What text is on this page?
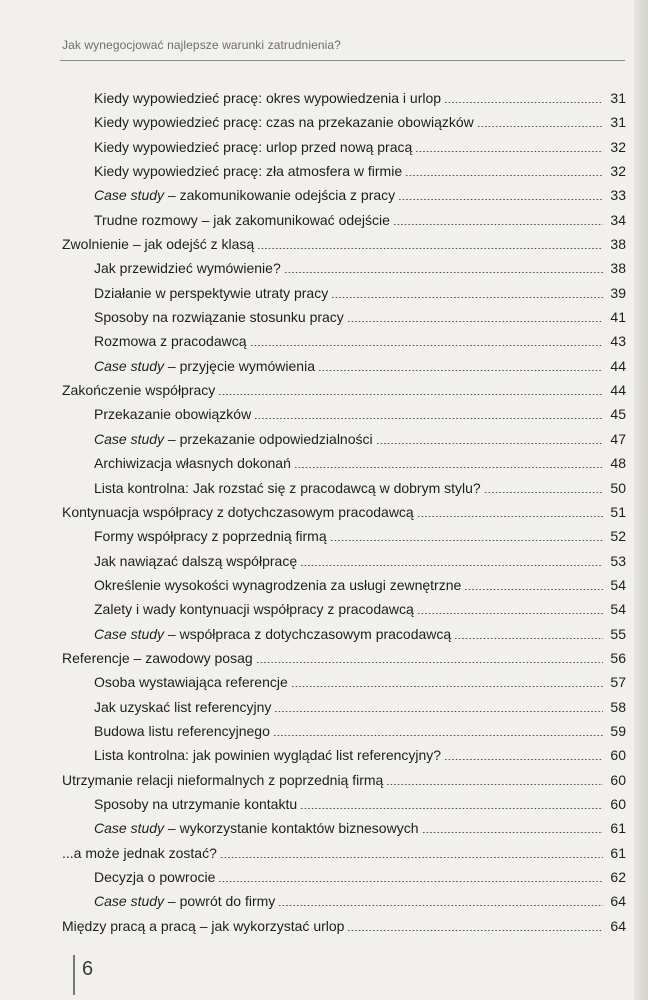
Jak wynegocjować najlepsze warunki zatrudnienia?
Kiedy wypowiedzieć pracę: okres wypowiedzenia i urlop	31
Kiedy wypowiedzieć pracę: czas na przekazanie obowiązków	31
Kiedy wypowiedzieć pracę: urlop przed nową pracą	32
Kiedy wypowiedzieć pracę: zła atmosfera w firmie	32
Case study – zakomunikowanie odejścia z pracy	33
Trudne rozmowy – jak zakomunikować odejście	34
Zwolnienie – jak odejść z klasą	38
Jak przewidzieć wymówienie?	38
Działanie w perspektywie utraty pracy	39
Sposoby na rozwiązanie stosunku pracy	41
Rozmowa z pracodawcą	43
Case study – przyjęcie wymówienia	44
Zakończenie współpracy	44
Przekazanie obowiązków	45
Case study – przekazanie odpowiedzialności	47
Archiwizacja własnych dokonań	48
Lista kontrolna: Jak rozstać się z pracodawcą w dobrym stylu?	50
Kontynuacja współpracy z dotychczasowym pracodawcą	51
Formy współpracy z poprzednią firmą	52
Jak nawiązać dalszą współpracę	53
Określenie wysokości wynagrodzenia za usługi zewnętrzne	54
Zalety i wady kontynuacji współpracy z pracodawcą	54
Case study – współpraca z dotychczasowym pracodawcą	55
Referencje – zawodowy posag	56
Osoba wystawiająca referencje	57
Jak uzyskać list referencyjny	58
Budowa listu referencyjnego	59
Lista kontrolna: jak powinien wyglądać list referencyjny?	60
Utrzymanie relacji nieformalnych z poprzednią firmą	60
Sposoby na utrzymanie kontaktu	60
Case study – wykorzystanie kontaktów biznesowych	61
...a może jednak zostać?	61
Decyzja o powrocie	62
Case study – powrót do firmy	64
Między pracą a pracą – jak wykorzystać urlop	64
6
